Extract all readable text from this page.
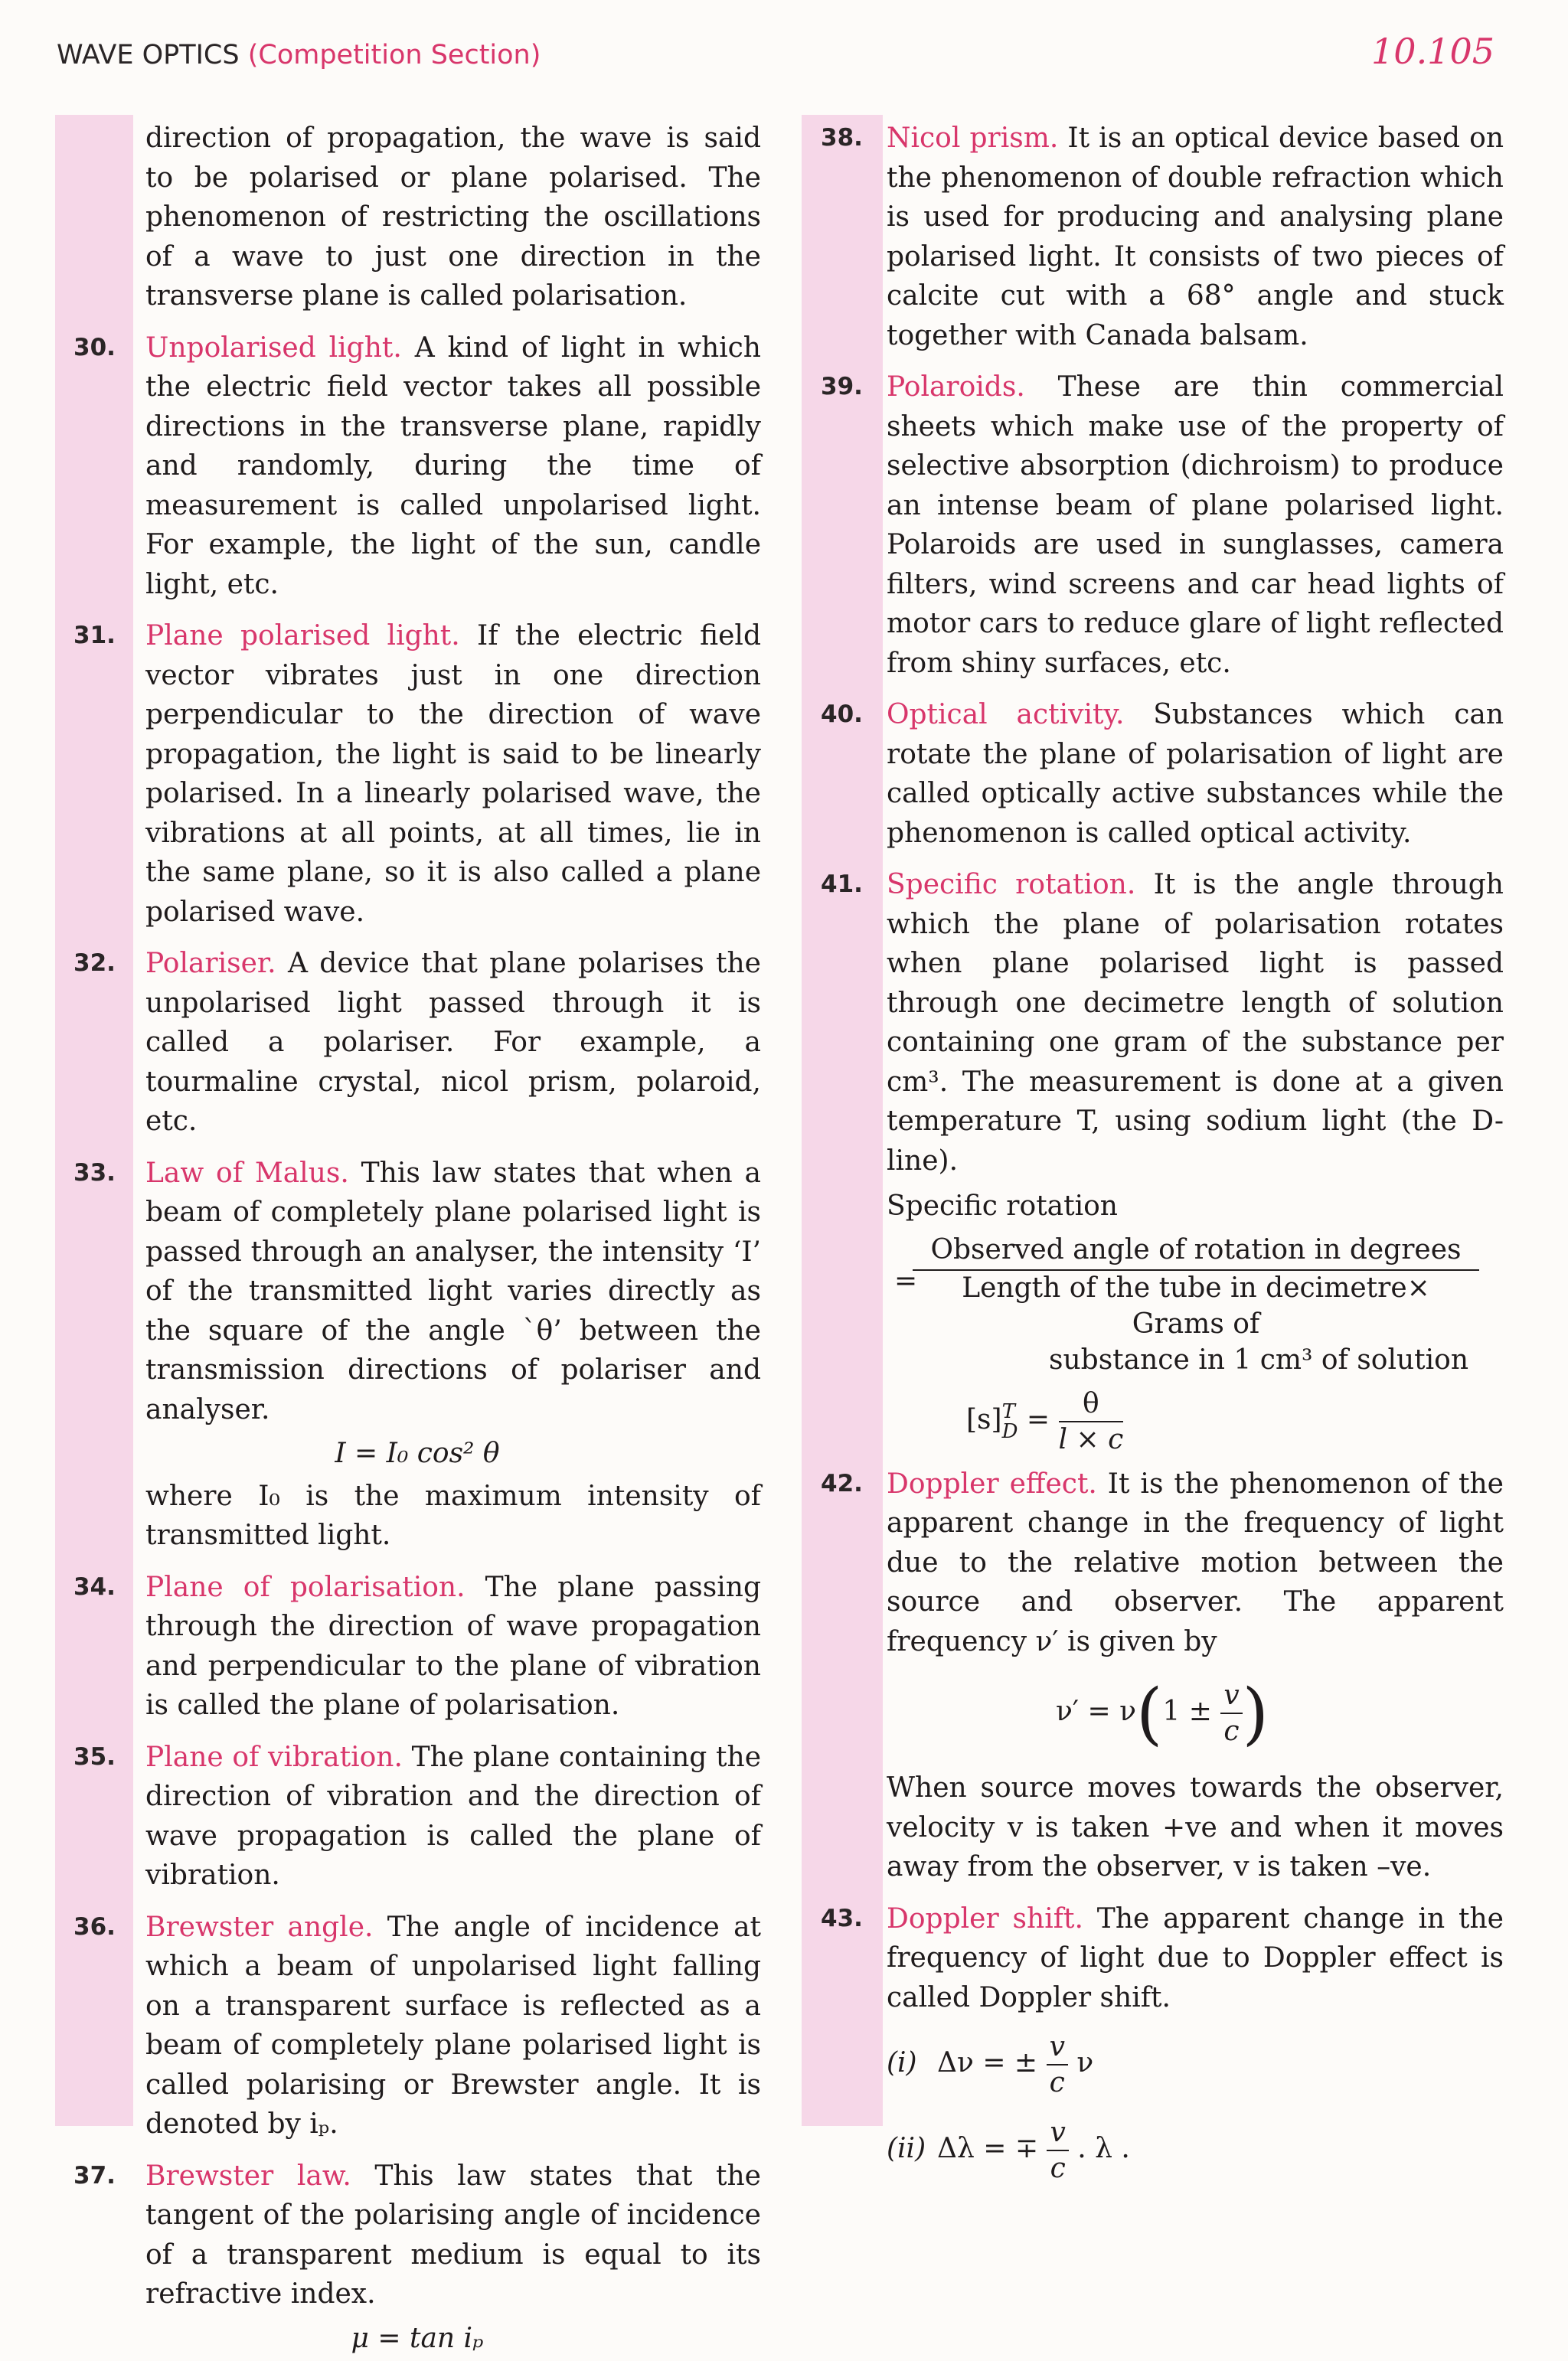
WAVE OPTICS (Competition Section)	10.105
direction of propagation, the wave is said to be polarised or plane polarised. The phenomenon of restricting the oscillations of a wave to just one direction in the transverse plane is called polarisation.
30. Unpolarised light. A kind of light in which the electric field vector takes all possible directions in the transverse plane, rapidly and randomly, during the time of measurement is called unpolarised light. For example, the light of the sun, candle light, etc.
31. Plane polarised light. If the electric field vector vibrates just in one direction perpendicular to the direction of wave propagation, the light is said to be linearly polarised. In a linearly polarised wave, the vibrations at all points, at all times, lie in the same plane, so it is also called a plane polarised wave.
32. Polariser. A device that plane polarises the unpolarised light passed through it is called a polariser. For example, a tourmaline crystal, nicol prism, polaroid, etc.
33. Law of Malus. This law states that when a beam of completely plane polarised light is passed through an analyser, the intensity ‘I’ of the transmitted light varies directly as the square of the angle `θ’ between the transmission directions of polariser and analyser.
I = I₀ cos² θ
where I₀ is the maximum intensity of transmitted light.
34. Plane of polarisation. The plane passing through the direction of wave propagation and perpendicular to the plane of vibration is called the plane of polarisation.
35. Plane of vibration. The plane containing the direction of vibration and the direction of wave propagation is called the plane of vibration.
36. Brewster angle. The angle of incidence at which a beam of unpolarised light falling on a transparent surface is reflected as a beam of completely plane polarised light is called polarising or Brewster angle. It is denoted by iₚ.
37. Brewster law. This law states that the tangent of the polarising angle of incidence of a transparent medium is equal to its refractive index.
μ = tan iₚ
38. Nicol prism. It is an optical device based on the phenomenon of double refraction which is used for producing and analysing plane polarised light. It consists of two pieces of calcite cut with a 68° angle and stuck together with Canada balsam.
39. Polaroids. These are thin commercial sheets which make use of the property of selective absorption (dichroism) to produce an intense beam of plane polarised light. Polaroids are used in sunglasses, camera filters, wind screens and car head lights of motor cars to reduce glare of light reflected from shiny surfaces, etc.
40. Optical activity. Substances which can rotate the plane of polarisation of light are called optically active substances while the phenomenon is called optical activity.
41. Specific rotation. It is the angle through which the plane of polarisation rotates when plane polarised light is passed through one decimetre length of solution containing one gram of the substance per cm³. The measurement is done at a given temperature T, using sodium light (the D-line).
Specific rotation
=
Observed angle of rotation in degrees
Length of the tube in decimetre× Grams of
substance in 1 cm³ of solution
[s] T
$D = \frac{\theta}{l \times c}$
42. Doppler effect. It is the phenomenon of the apparent change in the frequency of light due to the relative motion between the source and observer. The apparent frequency ν′ is given by
$\nu' = \nu(1 \pm \frac{v}{c}$ )
When source moves towards the observer, velocity v is taken +ve and when it moves away from the observer, v is taken –ve.
43. Doppler shift. The apparent change in the frequency of light due to Doppler effect is called Doppler shift.
(i) Δν = ± $\frac{v}{c}$ ν
(ii) Δλ = ∓ $\frac{v}{c}$ . λ .
